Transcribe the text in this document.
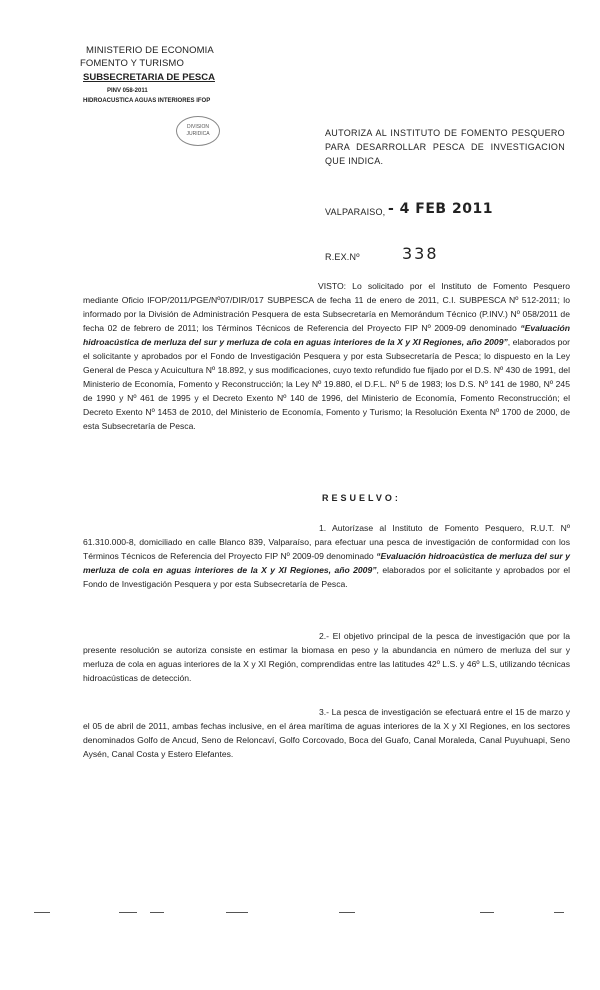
MINISTERIO DE ECONOMIA
FOMENTO Y TURISMO
SUBSECRETARIA DE PESCA
PINV 058-2011
HIDROACUSTICA AGUAS INTERIORES IFOP
DIVISION
JURIDICA	AUTORIZA AL INSTITUTO DE FOMENTO PESQUERO PARA DESARROLLAR PESCA DE INVESTIGACION QUE INDICA.
VALPARAISO, - 4 FEB 2011
R.EX.Nº	338

VISTO: Lo solicitado por el Instituto de Fomento Pesquero mediante Oficio IFOP/2011/PGE/Nº07/DIR/017 SUBPESCA de fecha 11 de enero de 2011, C.I. SUBPESCA Nº 512-2011; lo informado por la División de Administración Pesquera de esta Subsecretaría en Memorándum Técnico (P.INV.) Nº 058/2011 de fecha 02 de febrero de 2011; los Términos Técnicos de Referencia del Proyecto FIP Nº 2009-09 denominado “Evaluación hidroacústica de merluza del sur y merluza de cola en aguas interiores de la X y XI Regiones, año 2009”, elaborados por el solicitante y aprobados por el Fondo de Investigación Pesquera y por esta Subsecretaría de Pesca; lo dispuesto en la Ley General de Pesca y Acuicultura Nº 18.892, y sus modificaciones, cuyo texto refundido fue fijado por el D.S. Nº 430 de 1991, del Ministerio de Economía, Fomento y Reconstrucción; la Ley Nº 19.880, el D.F.L. Nº 5 de 1983; los D.S. Nº 141 de 1980, Nº 245 de 1990 y Nº 461 de 1995 y el Decreto Exento Nº 140 de 1996, del Ministerio de Economía, Fomento Reconstrucción; el Decreto Exento Nº 1453 de 2010, del Ministerio de Economía, Fomento y Turismo; la Resolución Exenta Nº 1700 de 2000, de esta Subsecretaría de Pesca.

RESUELVO:

1. Autorízase al Instituto de Fomento Pesquero, R.U.T. Nº 61.310.000-8, domiciliado en calle Blanco 839, Valparaíso, para efectuar una pesca de investigación de conformidad con los Términos Técnicos de Referencia del Proyecto FIP Nº 2009-09 denominado “Evaluación hidroacústica de merluza del sur y merluza de cola en aguas interiores de la X y XI Regiones, año 2009”, elaborados por el solicitante y aprobados por el Fondo de Investigación Pesquera y por esta Subsecretaría de Pesca.

2.- El objetivo principal de la pesca de investigación que por la presente resolución se autoriza consiste en estimar la biomasa en peso y la abundancia en número de merluza del sur y merluza de cola en aguas interiores de la X y XI Región, comprendidas entre las latitudes 42º L.S. y 46º L.S, utilizando técnicas hidroacústicas de detección.

3.- La pesca de investigación se efectuará entre el 15 de marzo y el 05 de abril de 2011, ambas fechas inclusive, en el área marítima de aguas interiores de la X y XI Regiones, en los sectores denominados Golfo de Ancud, Seno de Reloncaví, Golfo Corcovado, Boca del Guafo, Canal Moraleda, Canal Puyuhuapi, Seno Aysén, Canal Costa y Estero Elefantes.
